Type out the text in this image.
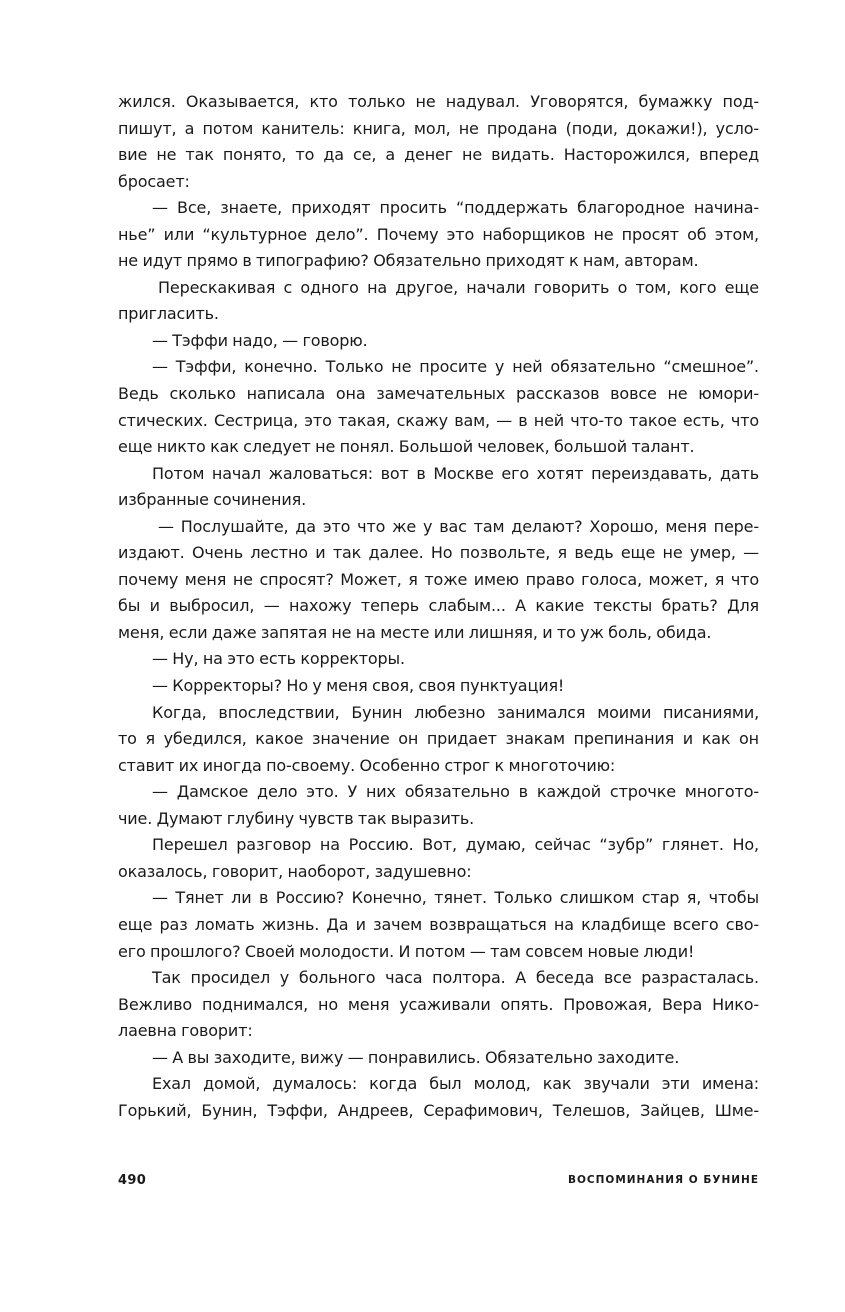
жился. Оказывается, кто только не надувал. Уговорятся, бумажку под-
пишут, а потом канитель: книга, мол, не продана (поди, докажи!), усло-
вие не так понято, то да се, а денег не видать. Насторожился, вперед
бросает:
— Все, знаете, приходят просить “поддержать благородное начина-
нье” или “культурное дело”. Почему это наборщиков не просят об этом,
не идут прямо в типографию? Обязательно приходят к нам, авторам.
Перескакивая с одного на другое, начали говорить о том, кого еще
пригласить.
— Тэффи надо, — говорю.
— Тэффи, конечно. Только не просите у ней обязательно “смешное”.
Ведь сколько написала она замечательных рассказов вовсе не юмори-
стических. Сестрица, это такая, скажу вам, — в ней что-то такое есть, что
еще никто как следует не понял. Большой человек, большой талант.
Потом начал жаловаться: вот в Москве его хотят переиздавать, дать
избранные сочинения.
— Послушайте, да это что же у вас там делают? Хорошо, меня пере-
издают. Очень лестно и так далее. Но позвольте, я ведь еще не умер, —
почему меня не спросят? Может, я тоже имею право голоса, может, я что
бы и выбросил, — нахожу теперь слабым... А какие тексты брать? Для
меня, если даже запятая не на месте или лишняя, и то уж боль, обида.
— Ну, на это есть корректоры.
— Корректоры? Но у меня своя, своя пунктуация!
Когда, впоследствии, Бунин любезно занимался моими писаниями,
то я убедился, какое значение он придает знакам препинания и как он
ставит их иногда по-своему. Особенно строг к многоточию:
— Дамское дело это. У них обязательно в каждой строчке многото-
чие. Думают глубину чувств так выразить.
Перешел разговор на Россию. Вот, думаю, сейчас “зубр” глянет. Но,
оказалось, говорит, наоборот, задушевно:
— Тянет ли в Россию? Конечно, тянет. Только слишком стар я, чтобы
еще раз ломать жизнь. Да и зачем возвращаться на кладбище всего сво-
его прошлого? Своей молодости. И потом — там совсем новые люди!
Так просидел у больного часа полтора. А беседа все разрасталась.
Вежливо поднимался, но меня усаживали опять. Провожая, Вера Нико-
лаевна говорит:
— А вы заходите, вижу — понравились. Обязательно заходите.
Ехал домой, думалось: когда был молод, как звучали эти имена:
Горький, Бунин, Тэффи, Андреев, Серафимович, Телешов, Зайцев, Шме-
490	ВОСПОМИНАНИЯ О БУНИНЕ
